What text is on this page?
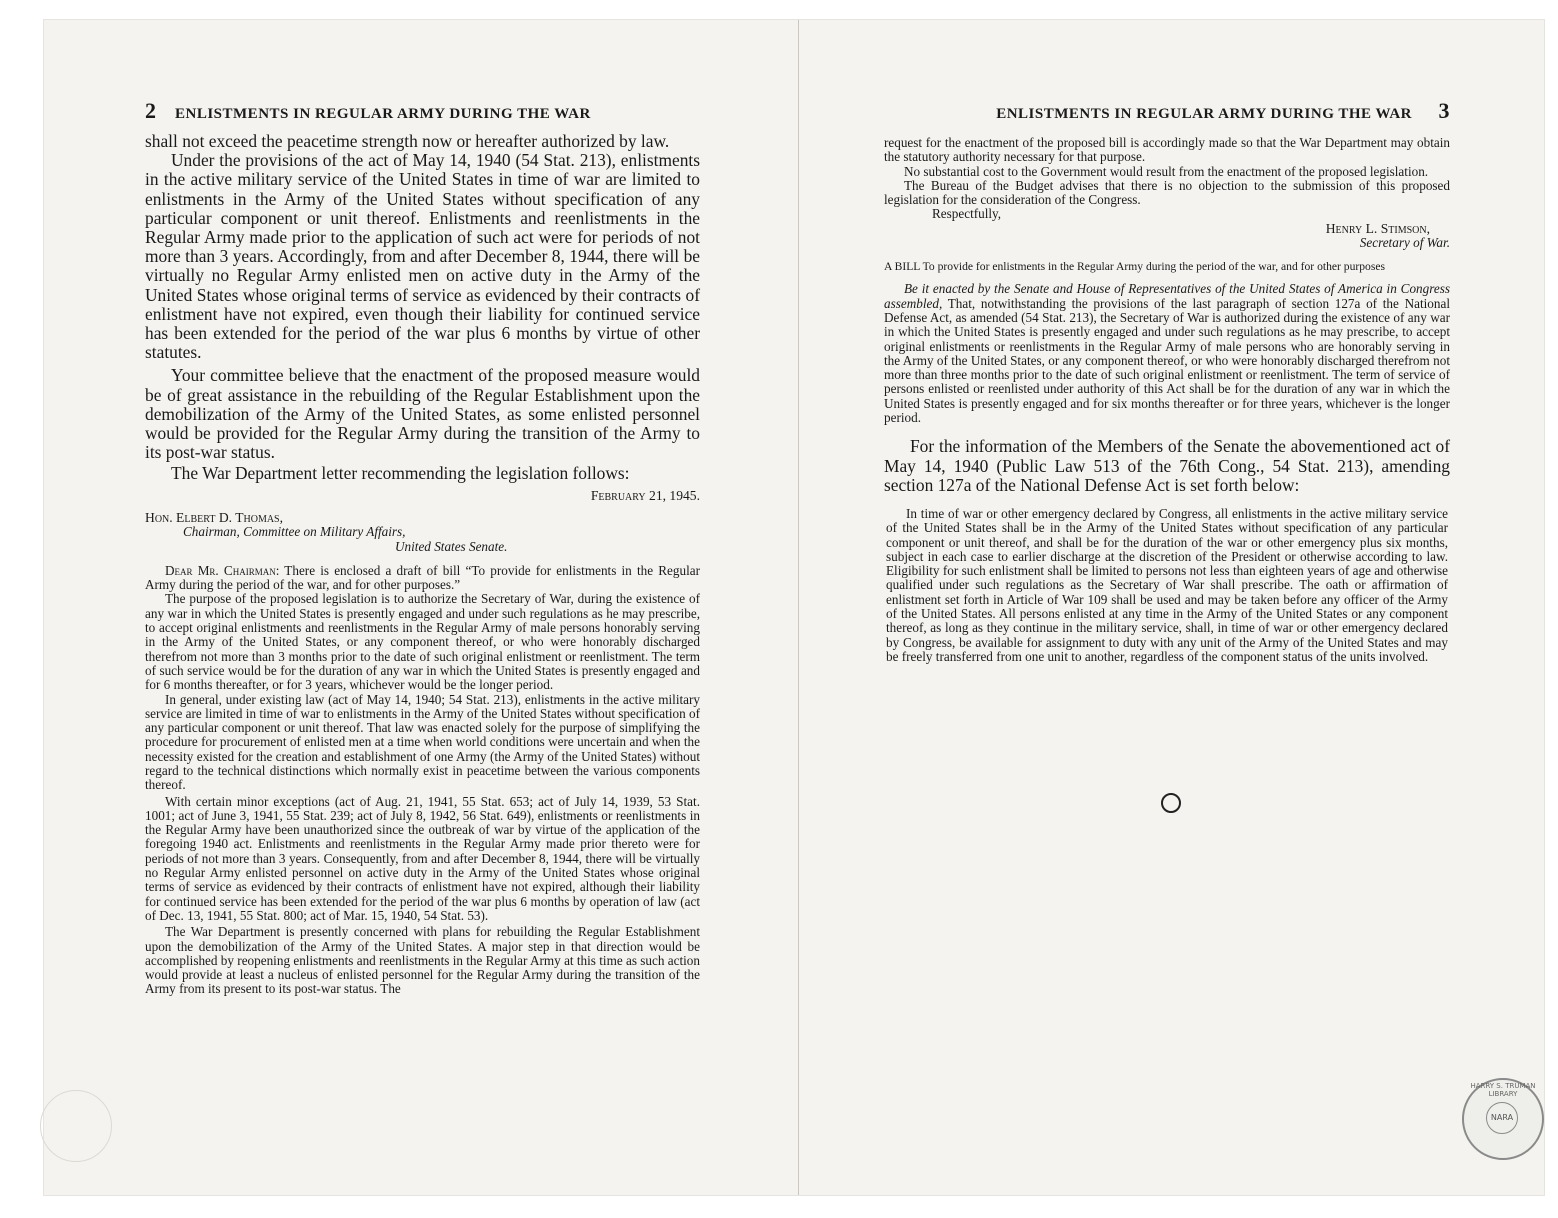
2 ENLISTMENTS IN REGULAR ARMY DURING THE WAR

shall not exceed the peacetime strength now or hereafter authorized by law.

Under the provisions of the act of May 14, 1940 (54 Stat. 213), enlistments in the active military service of the United States in time of war are limited to enlistments in the Army of the United States without specification of any particular component or unit thereof. Enlistments and reenlistments in the Regular Army made prior to the application of such act were for periods of not more than 3 years. Accordingly, from and after December 8, 1944, there will be virtually no Regular Army enlisted men on active duty in the Army of the United States whose original terms of service as evidenced by their contracts of enlistment have not expired, even though their liability for continued service has been extended for the period of the war plus 6 months by virtue of other statutes.

Your committee believe that the enactment of the proposed measure would be of great assistance in the rebuilding of the Regular Establishment upon the demobilization of the Army of the United States, as some enlisted personnel would be provided for the Regular Army during the transition of the Army to its post-war status.

The War Department letter recommending the legislation follows:

February 21, 1945.

Hon. Elbert D. Thomas,

Chairman, Committee on Military Affairs,

United States Senate.

Dear Mr. Chairman: There is enclosed a draft of bill “To provide for enlistments in the Regular Army during the period of the war, and for other purposes.”

The purpose of the proposed legislation is to authorize the Secretary of War, during the existence of any war in which the United States is presently engaged and under such regulations as he may prescribe, to accept original enlistments and reenlistments in the Regular Army of male persons honorably serving in the Army of the United States, or any component thereof, or who were honorably discharged therefrom not more than 3 months prior to the date of such original enlistment or reenlistment. The term of such service would be for the duration of any war in which the United States is presently engaged and for 6 months thereafter, or for 3 years, whichever would be the longer period.

In general, under existing law (act of May 14, 1940; 54 Stat. 213), enlistments in the active military service are limited in time of war to enlistments in the Army of the United States without specification of any particular component or unit thereof. That law was enacted solely for the purpose of simplifying the procedure for procurement of enlisted men at a time when world conditions were uncertain and when the necessity existed for the creation and establishment of one Army (the Army of the United States) without regard to the technical distinctions which normally exist in peacetime between the various components thereof.

With certain minor exceptions (act of Aug. 21, 1941, 55 Stat. 653; act of July 14, 1939, 53 Stat. 1001; act of June 3, 1941, 55 Stat. 239; act of July 8, 1942, 56 Stat. 649), enlistments or reenlistments in the Regular Army have been unauthorized since the outbreak of war by virtue of the application of the foregoing 1940 act. Enlistments and reenlistments in the Regular Army made prior thereto were for periods of not more than 3 years. Consequently, from and after December 8, 1944, there will be virtually no Regular Army enlisted personnel on active duty in the Army of the United States whose original terms of service as evidenced by their contracts of enlistment have not expired, although their liability for continued service has been extended for the period of the war plus 6 months by operation of law (act of Dec. 13, 1941, 55 Stat. 800; act of Mar. 15, 1940, 54 Stat. 53).

The War Department is presently concerned with plans for rebuilding the Regular Establishment upon the demobilization of the Army of the United States. A major step in that direction would be accomplished by reopening enlistments and reenlistments in the Regular Army at this time as such action would provide at least a nucleus of enlisted personnel for the Regular Army during the transition of the Army from its present to its post-war status. The

ENLISTMENTS IN REGULAR ARMY DURING THE WAR 3

request for the enactment of the proposed bill is accordingly made so that the War Department may obtain the statutory authority necessary for that purpose.

No substantial cost to the Government would result from the enactment of the proposed legislation.

The Bureau of the Budget advises that there is no objection to the submission of this proposed legislation for the consideration of the Congress.

Respectfully,

Henry L. Stimson,

Secretary of War.

A BILL To provide for enlistments in the Regular Army during the period of the war, and for other purposes

Be it enacted by the Senate and House of Representatives of the United States of America in Congress assembled, That, notwithstanding the provisions of the last paragraph of section 127a of the National Defense Act, as amended (54 Stat. 213), the Secretary of War is authorized during the existence of any war in which the United States is presently engaged and under such regulations as he may prescribe, to accept original enlistments or reenlistments in the Regular Army of male persons who are honorably serving in the Army of the United States, or any component thereof, or who were honorably discharged therefrom not more than three months prior to the date of such original enlistment or reenlistment. The term of service of persons enlisted or reenlisted under authority of this Act shall be for the duration of any war in which the United States is presently engaged and for six months thereafter or for three years, whichever is the longer period.

For the information of the Members of the Senate the abovementioned act of May 14, 1940 (Public Law 513 of the 76th Cong., 54 Stat. 213), amending section 127a of the National Defense Act is set forth below:

In time of war or other emergency declared by Congress, all enlistments in the active military service of the United States shall be in the Army of the United States without specification of any particular component or unit thereof, and shall be for the duration of the war or other emergency plus six months, subject in each case to earlier discharge at the discretion of the President or otherwise according to law. Eligibility for such enlistment shall be limited to persons not less than eighteen years of age and otherwise qualified under such regulations as the Secretary of War shall prescribe. The oath or affirmation of enlistment set forth in Article of War 109 shall be used and may be taken before any officer of the Army of the United States. All persons enlisted at any time in the Army of the United States or any component thereof, as long as they continue in the military service, shall, in time of war or other emergency declared by Congress, be available for assignment to duty with any unit of the Army of the United States and may be freely transferred from one unit to another, regardless of the component status of the units involved.

HARRY S. TRUMAN LIBRARY
NARA
